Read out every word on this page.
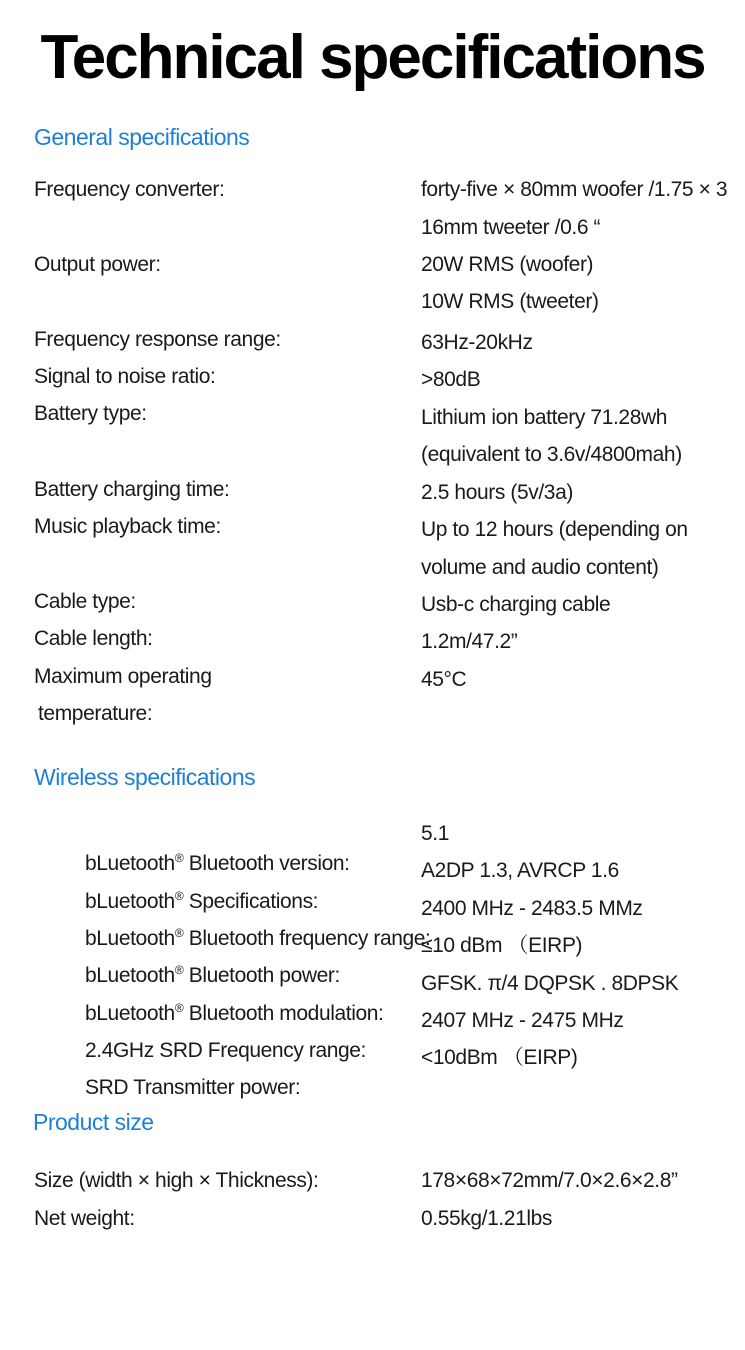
Technical specifications
General specifications
Frequency converter:
Output power:
Frequency response range:
Signal to noise ratio:
Battery type:
Battery charging time:
Music playback time:
Cable type:
Cable length:
Maximum operating
temperature:
forty-five × 80mm woofer /1.75 × 3
16mm tweeter /0.6 “
20W RMS (woofer)
10W RMS (tweeter)
63Hz-20kHz
>80dB
Lithium ion battery 71.28wh
(equivalent to 3.6v/4800mah)
2.5 hours (5v/3a)
Up to 12 hours (depending on
volume and audio content)
Usb-c charging cable
1.2m/47.2”
45°C
Wireless specifications
bLuetooth® Bluetooth version:
bLuetooth® Specifications:
bLuetooth® Bluetooth frequency range:
bLuetooth® Bluetooth power:
bLuetooth® Bluetooth modulation:
2.4GHz SRD Frequency range:
SRD Transmitter power:
5.1
A2DP 1.3, AVRCP 1.6
2400 MHz - 2483.5 MMz
≤10 dBm （EIRP)
GFSK. π/4 DQPSK . 8DPSK
2407 MHz - 2475 MHz
<10dBm （EIRP)
Product size
Size (width × high × Thickness):
Net weight:
178×68×72mm/7.0×2.6×2.8”
0.55kg/1.21lbs
